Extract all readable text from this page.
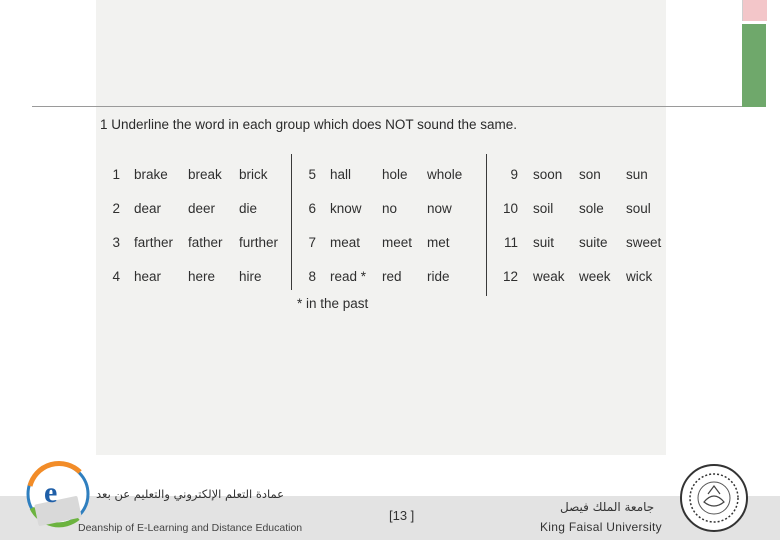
1 Underline the word in each group which does NOT sound the same.
1 brake break brick
2 dear deer die
3 farther father further
4 hear here hire
5 hall hole whole
6 know no now
7 meat meet met
8 read * red ride
9 soon son sun
10 soil sole soul
11 suit suite sweet
12 weak week wick
* in the past
e	عمادة التعلم الإلكتروني والتعليم عن بعد
Deanship of E-Learning and Distance Education
[13 ]
جامعة الملك فيصل
King Faisal University
